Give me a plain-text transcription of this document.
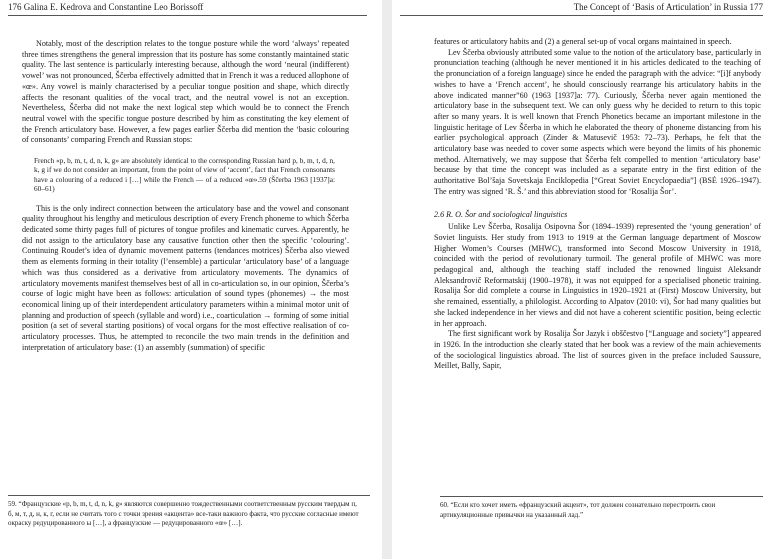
176 Galina E. Kedrova and Constantine Leo Borissoff

Notably, most of the description relates to the tongue posture while the word ‘always’ repeated three times strengthens the general impression that its posture has some constantly maintained static quality. The last sentence is particularly interesting because, although the word ‘neural (indifferent) vowel’ was not pronounced, Ščerba effectively admitted that in French it was a reduced allophone of «œ». Any vowel is mainly characterised by a peculiar tongue position and shape, which directly affects the resonant qualities of the vocal tract, and the neutral vowel is not an exception. Nevertheless, Ščerba did not make the next logical step which would be to connect the French neutral vowel with the specific tongue posture described by him as constituting the key element of the French articulatory base. However, a few pages earlier Ščerba did mention the ‘basic colouring of consonants’ comparing French and Russian stops:

French «p, b, m, t, d, n, k, g» are absolutely identical to the corresponding Russian hard p, b, m, t, d, n, k, g if we do not consider an important, from the point of view of ‘accent’, fact that French consonants have a colouring of a reduced i […] while the French — of a reduced «œ».59 (Ščerba 1963 [1937]a: 60–61)

This is the only indirect connection between the articulatory base and the vowel and consonant quality throughout his lengthy and meticulous description of every French phoneme to which Ščerba dedicated some thirty pages full of pictures of tongue profiles and kinematic curves. Apparently, he did not assign to the articulatory base any causative function other then the specific ‘colouring’. Continuing Roudet’s idea of dynamic movement patterns (tendances motrices) Ščerba also viewed them as elements forming in their totality (l’ensemble) a particular ‘articulatory base’ of a language which was thus considered as a derivative from articulatory movements. The dynamics of articulatory movements manifest themselves best of all in co-articulation so, in our opinion, Ščerba’s course of logic might have been as follows: articulation of sound types (phonemes) → the most economical lining up of their interdependent articulatory parameters within a minimal motor unit of planning and production of speech (syllable and word) i.e., coarticulation → forming of some initial position (a set of several starting positions) of vocal organs for the most effective realisation of co-articulatory processes. Thus, he attempted to reconcile the two main trends in the definition and interpretation of articulatory base: (1) an assembly (summation) of specific

59. “Французские «p, b, m, t, d, n, k, g» являются совершенно тождественными соответственным русским твердым п, б, м, т, д, н, к, г, если не считать того с точки зрения «акцента» все-таки важного факта, что русские согласные имеют окраску редуцированного ы […], а французские — редуцированного «œ» […].
The Concept of ‘Basis of Articulation’ in Russia 177

features or articulatory habits and (2) a general set-up of vocal organs maintained in speech.

Lev Ščerba obviously attributed some value to the notion of the articulatory base, particularly in pronunciation teaching (although he never mentioned it in his articles dedicated to the teaching of the pronunciation of a foreign language) since he ended the paragraph with the advice: “[i]f anybody wishes to have a ‘French accent’, he should consciously rearrange his articulatory habits in the above indicated manner”60 (1963 [1937]a: 77). Curiously, Ščerba never again mentioned the articulatory base in the subsequent text. We can only guess why he decided to return to this topic after so many years. It is well known that French Phonetics became an important milestone in the linguistic heritage of Lev Ščerba in which he elaborated the theory of phoneme distancing from his earlier psychological approach (Zinder & Matusevič 1953: 72–73). Perhaps, he felt that the articulatory base was needed to cover some aspects which were beyond the limits of his phonemic method. Alternatively, we may suppose that Ščerba felt compelled to mention ‘articulatory base’ because by that time the concept was included as a separate entry in the first edition of the authoritative Bol’šaja Sovetskaja Enciklopedia [“Great Soviet Encyclopaedia”] (BSĖ 1926–1947). The entry was signed ‘R. Š.’ and this abbreviation stood for ‘Rosalija Šor’.

2.6 R. O. Šor and sociological linguistics

Unlike Lev Ščerba, Rosalija Osipovna Šor (1894–1939) represented the ‘young generation’ of Soviet linguists. Her study from 1913 to 1919 at the German language department of Moscow Higher Women’s Courses (MHWC), transformed into Second Moscow University in 1918, coincided with the period of revolutionary turmoil. The general profile of MHWC was more pedagogical and, although the teaching staff included the renowned linguist Aleksandr Aleksandrovič Reformatskij (1900–1978), it was not equipped for a specialised phonetic training. Rosalija Šor did complete a course in Linguistics in 1920–1921 at (First) Moscow University, but she remained, essentially, a philologist. According to Alpatov (2010: vi), Šor had many qualities but she lacked independence in her views and did not have a coherent scientific position, being eclectic in her approach.

The first significant work by Rosalija Šor Jazyk i obščestvo [“Language and society”] appeared in 1926. In the introduction she clearly stated that her book was a review of the main achievements of the sociological linguistics abroad. The list of sources given in the preface included Saussure, Meillet, Bally, Sapir,

60. “Если кто хочет иметь «французский акцент», тот должен сознательно перестроить свои артикуляционные привычки на указанный лад.”
